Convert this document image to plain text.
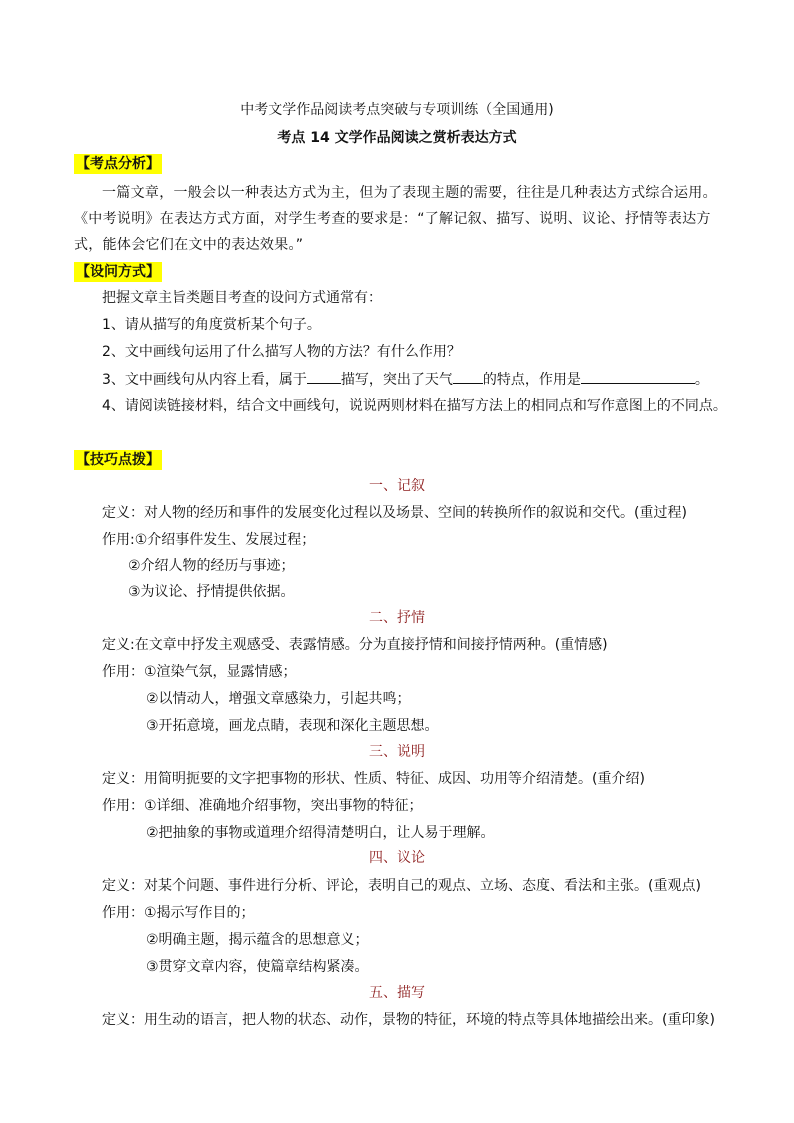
中考文学作品阅读考点突破与专项训练（全国通用)
考点 14 文学作品阅读之赏析表达方式
【考点分析】
一篇文章，一般会以一种表达方式为主，但为了表现主题的需要，往往是几种表达方式综合运用。《中考说明》在表达方式方面，对学生考查的要求是：“了解记叙、描写、说明、议论、抒情等表达方式，能体会它们在文中的表达效果。”
【设问方式】
把握文章主旨类题目考查的设问方式通常有：
1、请从描写的角度赏析某个句子。
2、文中画线句运用了什么描写人物的方法？有什么作用？
3、文中画线句从内容上看，属于 描写，突出了天气 的特点，作用是	。
4、请阅读链接材料，结合文中画线句，说说两则材料在描写方法上的相同点和写作意图上的不同点。
【技巧点拨】
一、记叙
定义：对人物的经历和事件的发展变化过程以及场景、空间的转换所作的叙说和交代。(重过程)
作用:①介绍事件发生、发展过程；
②介绍人物的经历与事迹；
③为议论、抒情提供依据。
二、抒情
定义:在文章中抒发主观感受、表露情感。分为直接抒情和间接抒情两种。(重情感)
作用：①渲染气氛，显露情感；
②以情动人，增强文章感染力，引起共鸣；
③开拓意境，画龙点睛，表现和深化主题思想。
三、说明
定义：用简明扼要的文字把事物的形状、性质、特征、成因、功用等介绍清楚。(重介绍)
作用：①详细、准确地介绍事物，突出事物的特征；
②把抽象的事物或道理介绍得清楚明白，让人易于理解。
四、议论
定义：对某个问题、事件进行分析、评论，表明自己的观点、立场、态度、看法和主张。(重观点)
作用：①揭示写作目的；
②明确主题，揭示蕴含的思想意义；
③贯穿文章内容，使篇章结构紧凑。
五、描写
定义：用生动的语言，把人物的状态、动作，景物的特征，环境的特点等具体地描绘出来。(重印象)
